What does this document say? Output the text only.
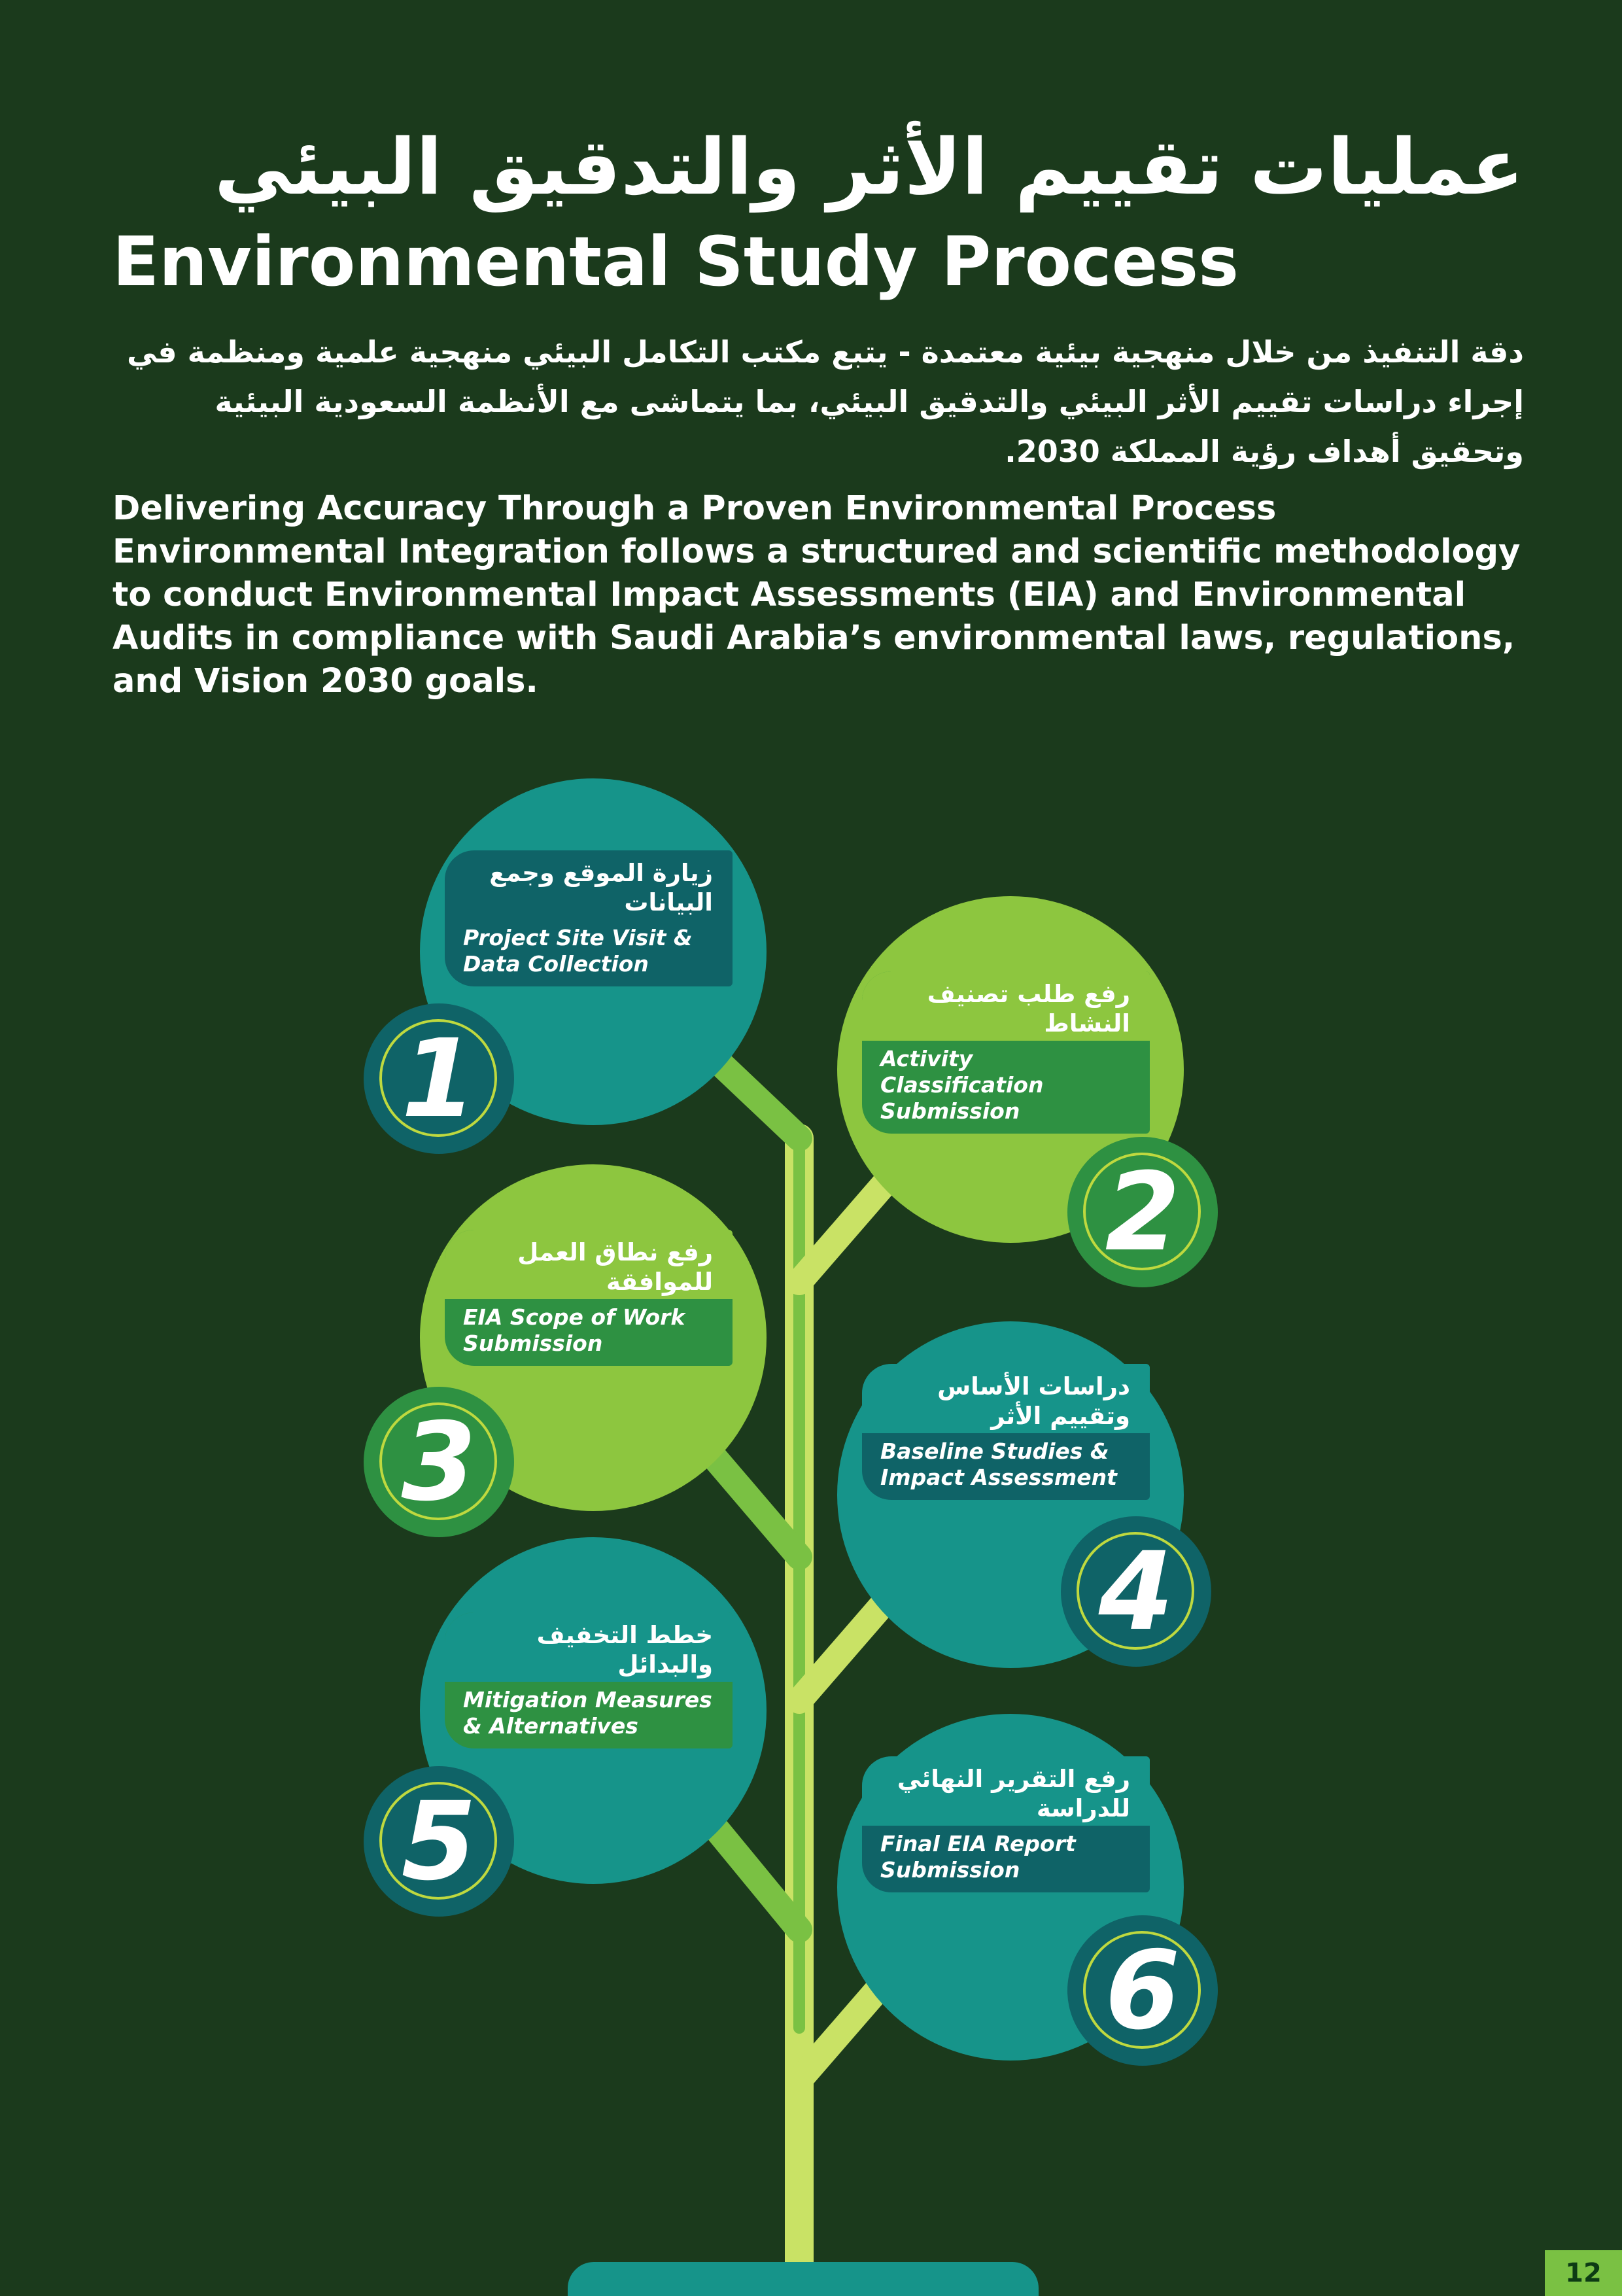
عمليات تقييم الأثر والتدقيق البيئي
Environmental Study Process

دقة التنفيذ من خلال منهجية بيئية معتمدة - يتبع مكتب التكامل البيئي منهجية علمية ومنظمة في إجراء دراسات تقييم الأثر البيئي والتدقيق البيئي، بما يتماشى مع الأنظمة السعودية البيئية وتحقيق أهداف رؤية المملكة 2030.

Delivering Accuracy Through a Proven Environmental Process Environmental Integration follows a structured and scientific methodology to conduct Environmental Impact Assessments (EIA) and Environmental Audits in compliance with Saudi Arabia’s environmental laws, regulations, and Vision 2030 goals.

زيارة الموقع وجمع البيانات
Project Site Visit & Data Collection
1
رفع طلب تصنيف النشاط
Activity Classification Submission
2
رفع نطاق العمل للموافقة
EIA Scope of Work Submission
3
دراسات الأساس وتقييم الأثر
Baseline Studies & Impact Assessment
4
خطط التخفيف والبدائل
Mitigation Measures & Alternatives
5	رفع التقرير النهائي للدراسة
Final EIA Report Submission
6
12
